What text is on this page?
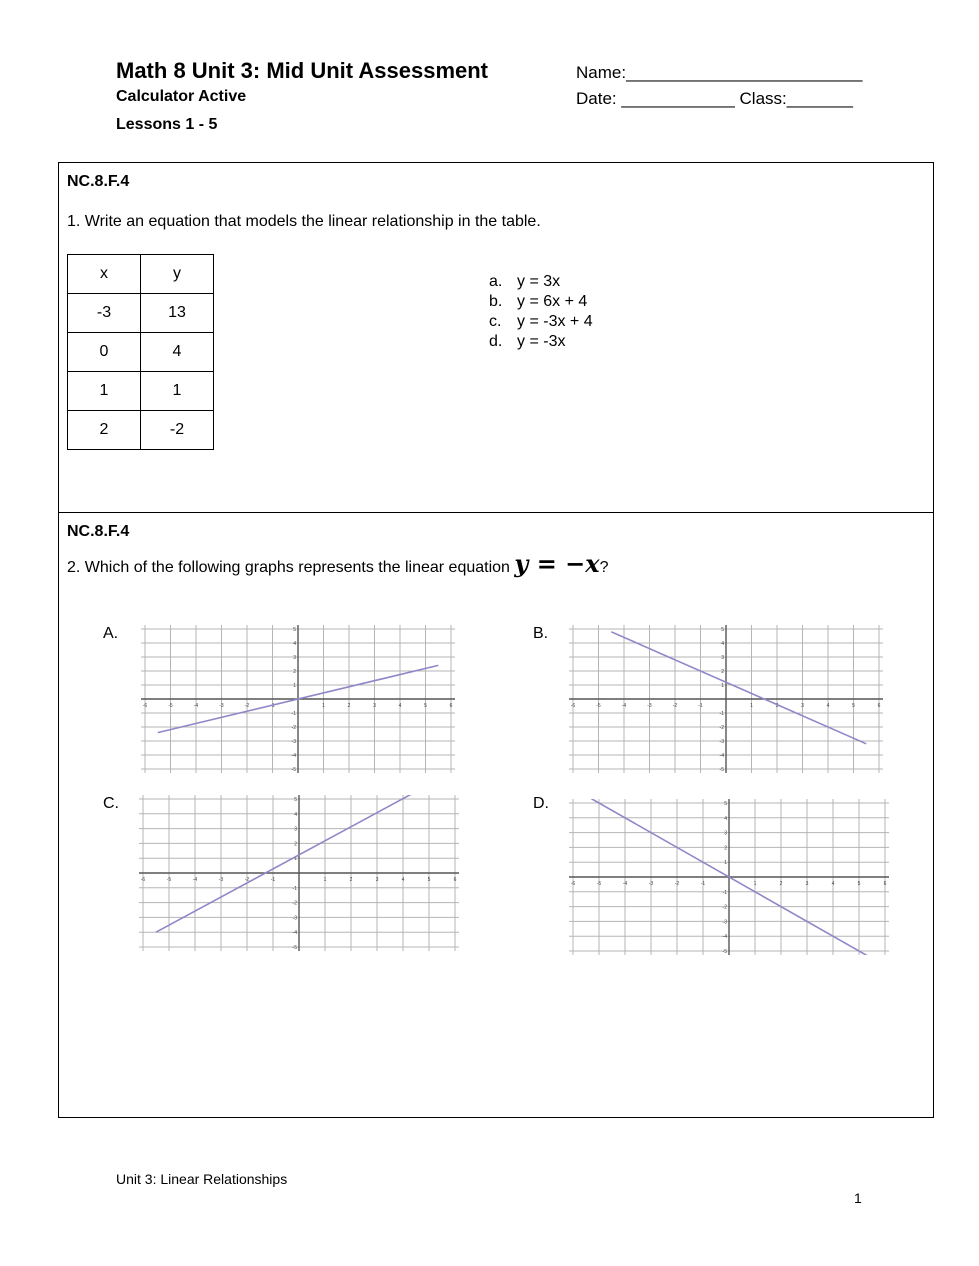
Math 8 Unit 3: Mid Unit Assessment
Calculator Active
Lessons 1 - 5
Name:_________________________
Date: ____________ Class:_______
NC.8.F.4
1. Write an equation that models the linear relationship in the table.
x	y
-3	13
0	4
1	1
2	-2
a. y = 3x
b. y = 6x + 4
c. y = -3x + 4
d. y = -3x
NC.8.F.4
2. Which of the following graphs represents the linear equation y = −x?
A.	B.
C.	D.
-6	-5	-4	-3	-2	-1	1	2	3	4	5	6
-5
-4
-3
-2
-1
1
2
3
4
5
-6	-5	-4	-3	-2	-1	1	2	3	4	5	6
-5
-4
-3
-2
-1
1
2
3
4
5
-6	-5	-4	-3	-2	-1	1	2	3	4	5	6
-5
-4
-3
-2
-1
1
2
3
4
5
-6	-5	-4	-3	-2	-1	1	2	3	4	5	6
-5
-4
-3
-2
-1
1
2
3
4
5
Unit 3: Linear Relationships
1
